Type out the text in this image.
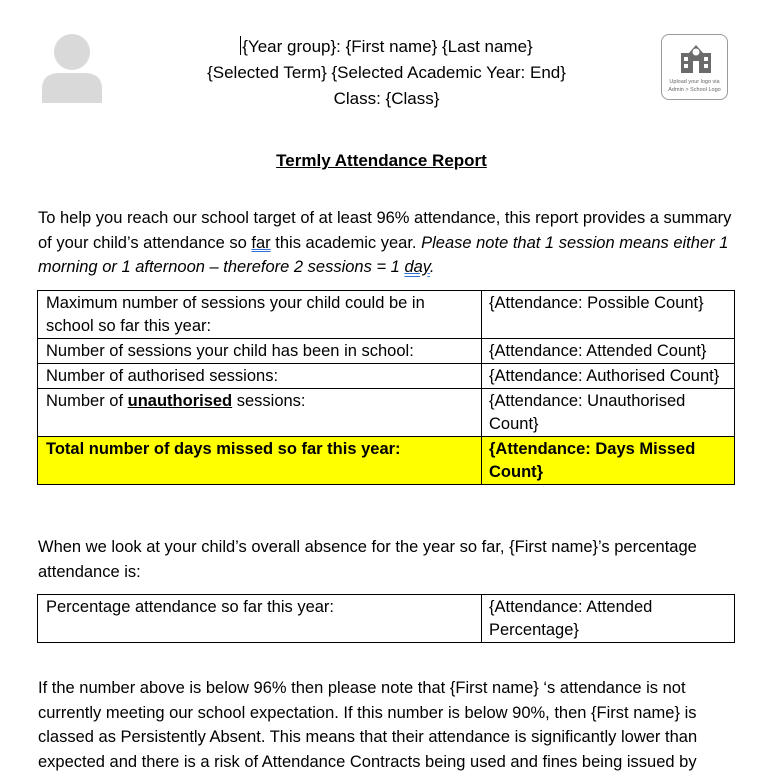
{Year group}: {First name} {Last name}
{Selected Term} {Selected Academic Year: End}
Class: {Class}
Upload your logo via Admin > School Logo
Termly Attendance Report
To help you reach our school target of at least 96% attendance, this report provides a summary of your child’s attendance so far this academic year. Please note that 1 session means either 1 morning or 1 afternoon – therefore 2 sessions = 1 day.
Maximum number of sessions your child could be in school so far this year:	{Attendance: Possible Count}
Number of sessions your child has been in school:	{Attendance: Attended Count}
Number of authorised sessions:	{Attendance: Authorised Count}
Number of unauthorised sessions:	{Attendance: Unauthorised Count}
Total number of days missed so far this year:	{Attendance: Days Missed Count}
When we look at your child’s overall absence for the year so far, {First name}’s percentage attendance is:
Percentage attendance so far this year:	{Attendance: Attended Percentage}
If the number above is below 96% then please note that {First name} ‘s attendance is not currently meeting our school expectation. If this number is below 90%, then {First name} is classed as Persistently Absent. This means that their attendance is significantly lower than expected and there is a risk of Attendance Contracts being used and fines being issued by
